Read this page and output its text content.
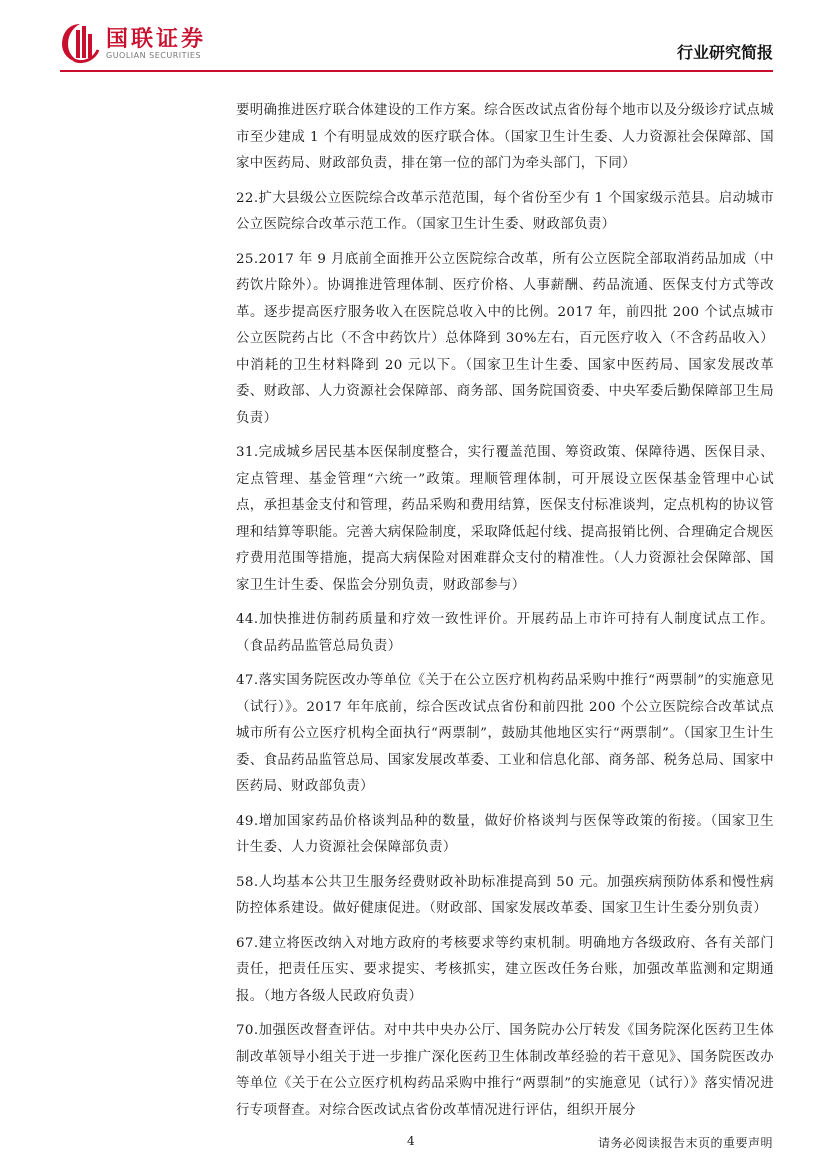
国联证券
GUOLIAN SECURITIES	行业研究简报

要明确推进医疗联合体建设的工作方案。综合医改试点省份每个地市以及分级诊疗试点城市至少建成 1 个有明显成效的医疗联合体。（国家卫生计生委、人力资源社会保障部、国家中医药局、财政部负责，排在第一位的部门为牵头部门，下同）

22.扩大县级公立医院综合改革示范范围，每个省份至少有 1 个国家级示范县。启动城市公立医院综合改革示范工作。（国家卫生计生委、财政部负责）

25.2017 年 9 月底前全面推开公立医院综合改革，所有公立医院全部取消药品加成（中药饮片除外）。协调推进管理体制、医疗价格、人事薪酬、药品流通、医保支付方式等改革。逐步提高医疗服务收入在医院总收入中的比例。2017 年，前四批 200 个试点城市公立医院药占比（不含中药饮片）总体降到 30%左右，百元医疗收入（不含药品收入）中消耗的卫生材料降到 20 元以下。（国家卫生计生委、国家中医药局、国家发展改革委、财政部、人力资源社会保障部、商务部、国务院国资委、中央军委后勤保障部卫生局负责）

31.完成城乡居民基本医保制度整合，实行覆盖范围、筹资政策、保障待遇、医保目录、定点管理、基金管理“六统一”政策。理顺管理体制，可开展设立医保基金管理中心试点，承担基金支付和管理，药品采购和费用结算，医保支付标准谈判，定点机构的协议管理和结算等职能。完善大病保险制度，采取降低起付线、提高报销比例、合理确定合规医疗费用范围等措施，提高大病保险对困难群众支付的精准性。（人力资源社会保障部、国家卫生计生委、保监会分别负责，财政部参与）

44.加快推进仿制药质量和疗效一致性评价。开展药品上市许可持有人制度试点工作。（食品药品监管总局负责）

47.落实国务院医改办等单位《关于在公立医疗机构药品采购中推行“两票制”的实施意见（试行）》。2017 年年底前，综合医改试点省份和前四批 200 个公立医院综合改革试点城市所有公立医疗机构全面执行“两票制”，鼓励其他地区实行“两票制”。（国家卫生计生委、食品药品监管总局、国家发展改革委、工业和信息化部、商务部、税务总局、国家中医药局、财政部负责）

49.增加国家药品价格谈判品种的数量，做好价格谈判与医保等政策的衔接。（国家卫生计生委、人力资源社会保障部负责）

58.人均基本公共卫生服务经费财政补助标准提高到 50 元。加强疾病预防体系和慢性病防控体系建设。做好健康促进。（财政部、国家发展改革委、国家卫生计生委分别负责）

67.建立将医改纳入对地方政府的考核要求等约束机制。明确地方各级政府、各有关部门责任，把责任压实、要求提实、考核抓实，建立医改任务台账，加强改革监测和定期通报。（地方各级人民政府负责）

70.加强医改督查评估。对中共中央办公厅、国务院办公厅转发《国务院深化医药卫生体制改革领导小组关于进一步推广深化医药卫生体制改革经验的若干意见》、国务院医改办等单位《关于在公立医疗机构药品采购中推行“两票制”的实施意见（试行）》落实情况进行专项督查。对综合医改试点省份改革情况进行评估，组织开展分

4	请务必阅读报告末页的重要声明
